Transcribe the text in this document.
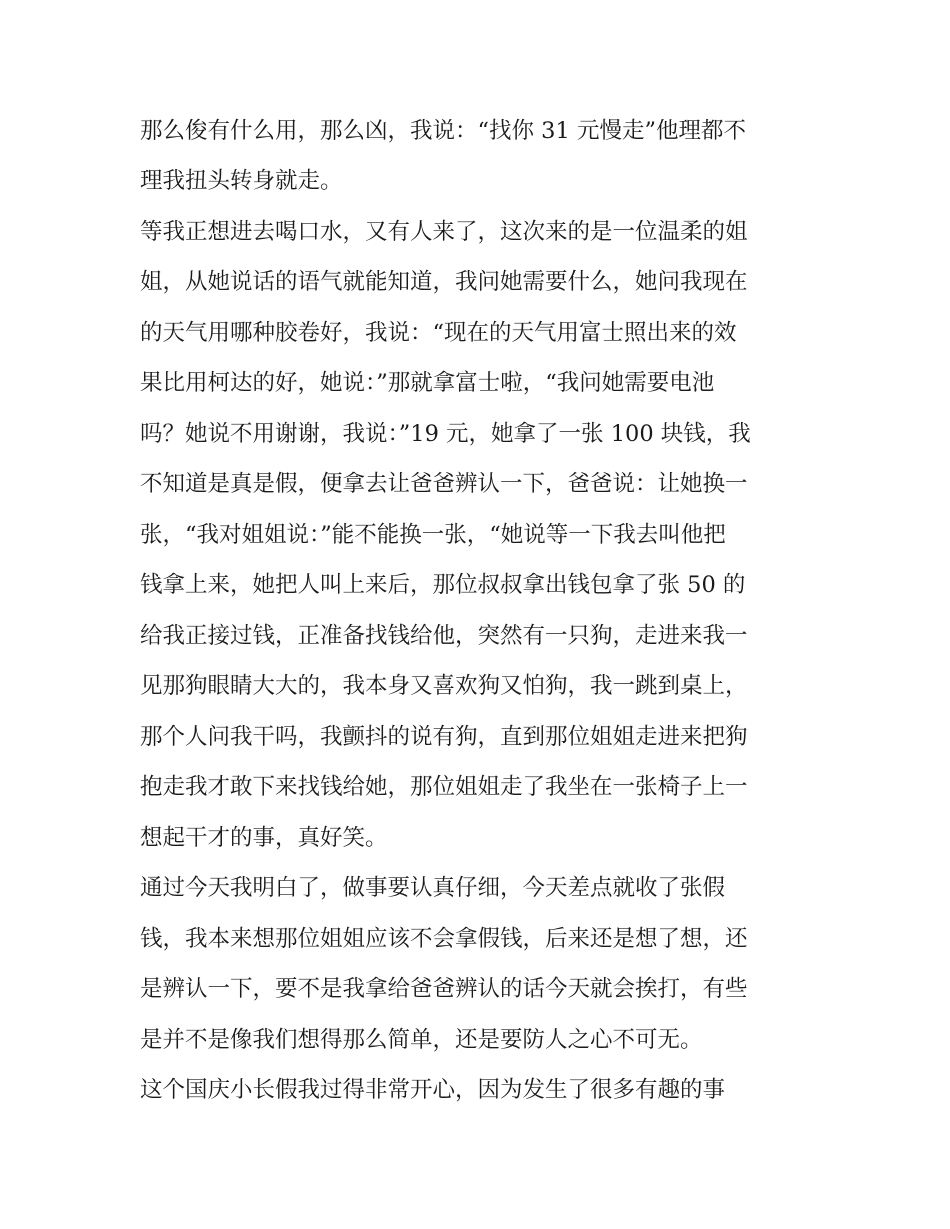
那么俊有什么用，那么凶，我说：“找你 31 元慢走”他理都不
理我扭头转身就走。
等我正想进去喝口水，又有人来了，这次来的是一位温柔的姐
姐，从她说话的语气就能知道，我问她需要什么，她问我现在
的天气用哪种胶卷好，我说：“现在的天气用富士照出来的效
果比用柯达的好，她说：”那就拿富士啦，“我问她需要电池
吗？她说不用谢谢，我说：”19 元，她拿了一张 100 块钱，我
不知道是真是假，便拿去让爸爸辨认一下，爸爸说：让她换一
张，“我对姐姐说：”能不能换一张，“她说等一下我去叫他把
钱拿上来，她把人叫上来后，那位叔叔拿出钱包拿了张 50 的
给我正接过钱，正准备找钱给他，突然有一只狗，走进来我一
见那狗眼睛大大的，我本身又喜欢狗又怕狗，我一跳到桌上，
那个人问我干吗，我颤抖的说有狗，直到那位姐姐走进来把狗
抱走我才敢下来找钱给她，那位姐姐走了我坐在一张椅子上一
想起干才的事，真好笑。
通过今天我明白了，做事要认真仔细，今天差点就收了张假
钱，我本来想那位姐姐应该不会拿假钱，后来还是想了想，还
是辨认一下，要不是我拿给爸爸辨认的话今天就会挨打，有些
是并不是像我们想得那么简单，还是要防人之心不可无。
这个国庆小长假我过得非常开心，因为发生了很多有趣的事
